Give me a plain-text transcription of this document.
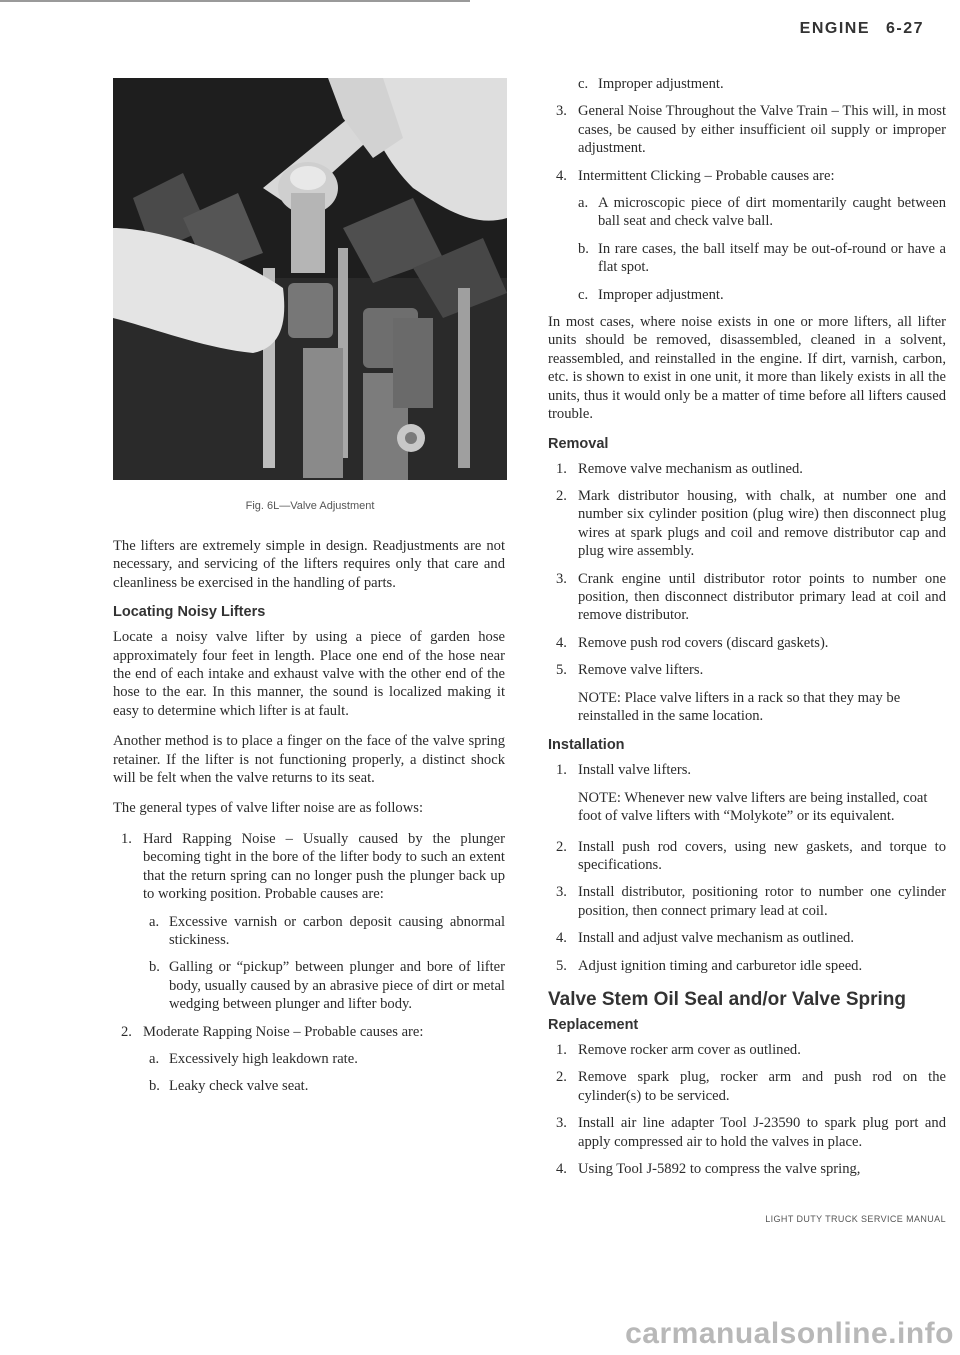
ENGINE 6-27
Fig. 6L—Valve Adjustment

The lifters are extremely simple in design. Readjustments are not necessary, and servicing of the lifters requires only that care and cleanliness be exercised in the handling of parts.

Locating Noisy Lifters

Locate a noisy valve lifter by using a piece of garden hose approximately four feet in length. Place one end of the hose near the end of each intake and exhaust valve with the other end of the hose to the ear. In this manner, the sound is localized making it easy to determine which lifter is at fault.

Another method is to place a finger on the face of the valve spring retainer. If the lifter is not functioning properly, a distinct shock will be felt when the valve returns to its seat.

The general types of valve lifter noise are as follows:

1. Hard Rapping Noise – Usually caused by the plunger becoming tight in the bore of the lifter body to such an extent that the return spring can no longer push the plunger back up to working position. Probable causes are:
a. Excessive varnish or carbon deposit causing abnormal stickiness.
b. Galling or “pickup” between plunger and bore of lifter body, usually caused by an abrasive piece of dirt or metal wedging between plunger and lifter body.
2. Moderate Rapping Noise – Probable causes are:
a. Excessively high leakdown rate.
b. Leaky check valve seat.
c. Improper adjustment.
3. General Noise Throughout the Valve Train – This will, in most cases, be caused by either insufficient oil supply or improper adjustment.
4. Intermittent Clicking – Probable causes are:
a. A microscopic piece of dirt momentarily caught between ball seat and check valve ball.
b. In rare cases, the ball itself may be out-of-round or have a flat spot.
c. Improper adjustment.

In most cases, where noise exists in one or more lifters, all lifter units should be removed, disassembled, cleaned in a solvent, reassembled, and reinstalled in the engine. If dirt, varnish, carbon, etc. is shown to exist in one unit, it more than likely exists in all the units, thus it would only be a matter of time before all lifters caused trouble.

Removal
1. Remove valve mechanism as outlined.
2. Mark distributor housing, with chalk, at number one and number six cylinder position (plug wire) then disconnect plug wires at spark plugs and coil and remove distributor cap and plug wire assembly.
3. Crank engine until distributor rotor points to number one position, then disconnect distributor primary lead at coil and remove distributor.
4. Remove push rod covers (discard gaskets).
5. Remove valve lifters.
NOTE: Place valve lifters in a rack so that they may be reinstalled in the same location.
Installation
1. Install valve lifters.
NOTE: Whenever new valve lifters are being installed, coat foot of valve lifters with “Molykote” or its equivalent.
2. Install push rod covers, using new gaskets, and torque to specifications.
3. Install distributor, positioning rotor to number one cylinder position, then connect primary lead at coil.
4. Install and adjust valve mechanism as outlined.
5. Adjust ignition timing and carburetor idle speed.
Valve Stem Oil Seal and/or Valve Spring
Replacement
1. Remove rocker arm cover as outlined.
2. Remove spark plug, rocker arm and push rod on the cylinder(s) to be serviced.
3. Install air line adapter Tool J-23590 to spark plug port and apply compressed air to hold the valves in place.
4. Using Tool J-5892 to compress the valve spring,
LIGHT DUTY TRUCK SERVICE MANUAL
carmanualsonline.info
